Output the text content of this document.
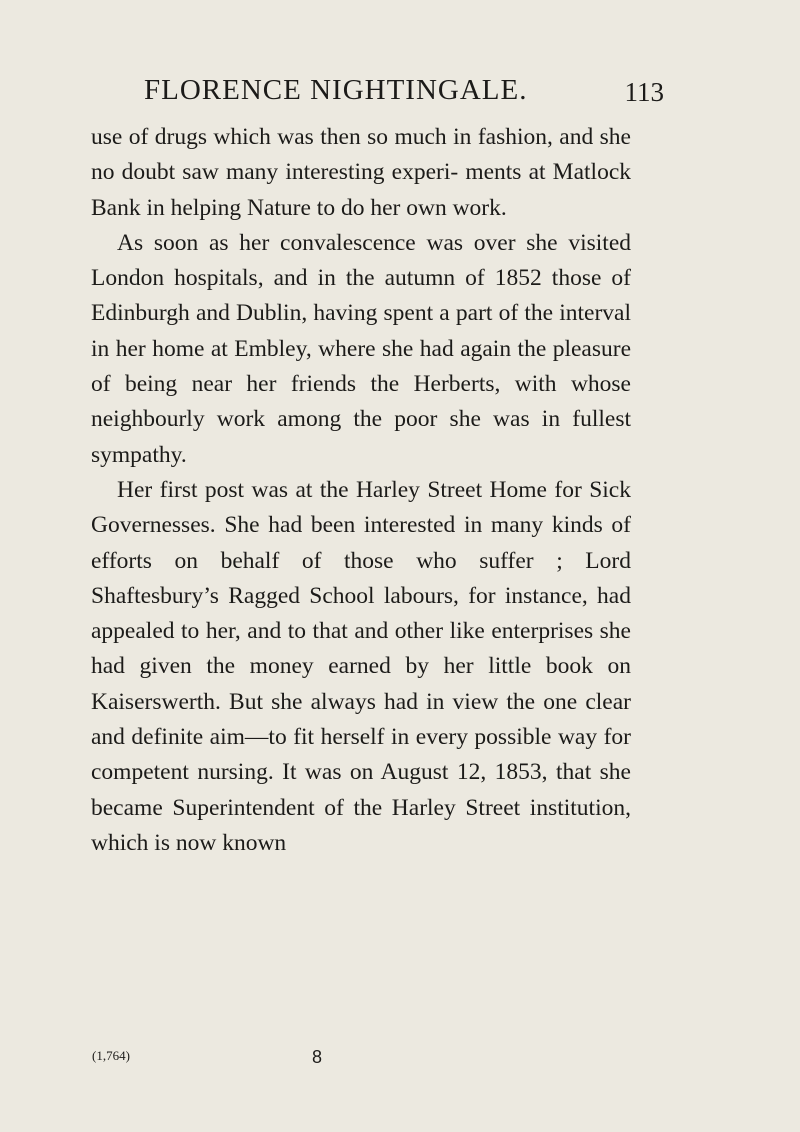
FLORENCE NIGHTINGALE.	113

use of drugs which was then so much in fashion, and she no doubt saw many interesting experi- ments at Matlock Bank in helping Nature to do her own work.

As soon as her convalescence was over she visited London hospitals, and in the autumn of 1852 those of Edinburgh and Dublin, having spent a part of the interval in her home at Embley, where she had again the pleasure of being near her friends the Herberts, with whose neighbourly work among the poor she was in fullest sympathy.

Her first post was at the Harley Street Home for Sick Governesses. She had been interested in many kinds of efforts on behalf of those who suffer ; Lord Shaftesbury’s Ragged School labours, for instance, had appealed to her, and to that and other like enterprises she had given the money earned by her little book on Kaiserswerth. But she always had in view the one clear and definite aim—to fit herself in every possible way for competent nursing. It was on August 12, 1853, that she became Superintendent of the Harley Street institution, which is now known

(1,764)	8
